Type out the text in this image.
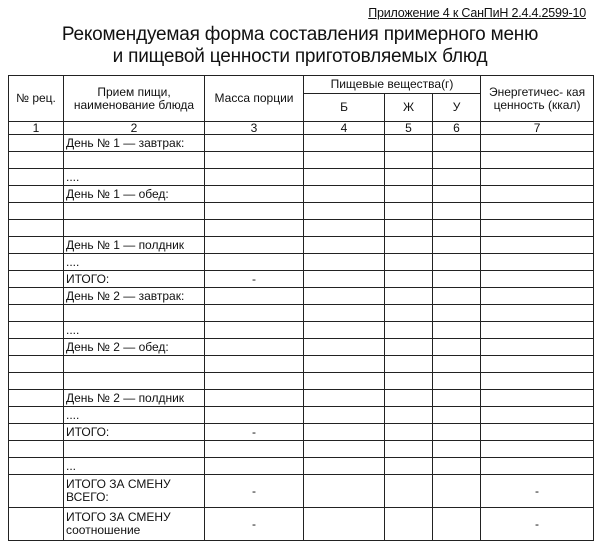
Приложение 4 к СанПиН 2.4.4.2599-10
Рекомендуемая форма составления примерного меню
и пищевой ценности приготовляемых блюд
№ рец.	Прием пищи, наименование блюда	Масса порции	Пищевые вещества(г)			Энергетичес- кая ценность (ккал)
			Б	Ж	У	
1	2	3	4	5	6	7
	День № 1 — завтрак:					

	....					
	День № 1 — обед:					

	День № 1 — полдник					
	....					
	ИТОГО:	-				
	День № 2 — завтрак:					

	....					
	День № 2 — обед:					

	День № 2 — полдник					
	....					
	ИТОГО:	-				

	...					
	ИТОГО ЗА СМЕНУ ВСЕГО:	-				-
	ИТОГО ЗА СМЕНУ соотношение	-				-
